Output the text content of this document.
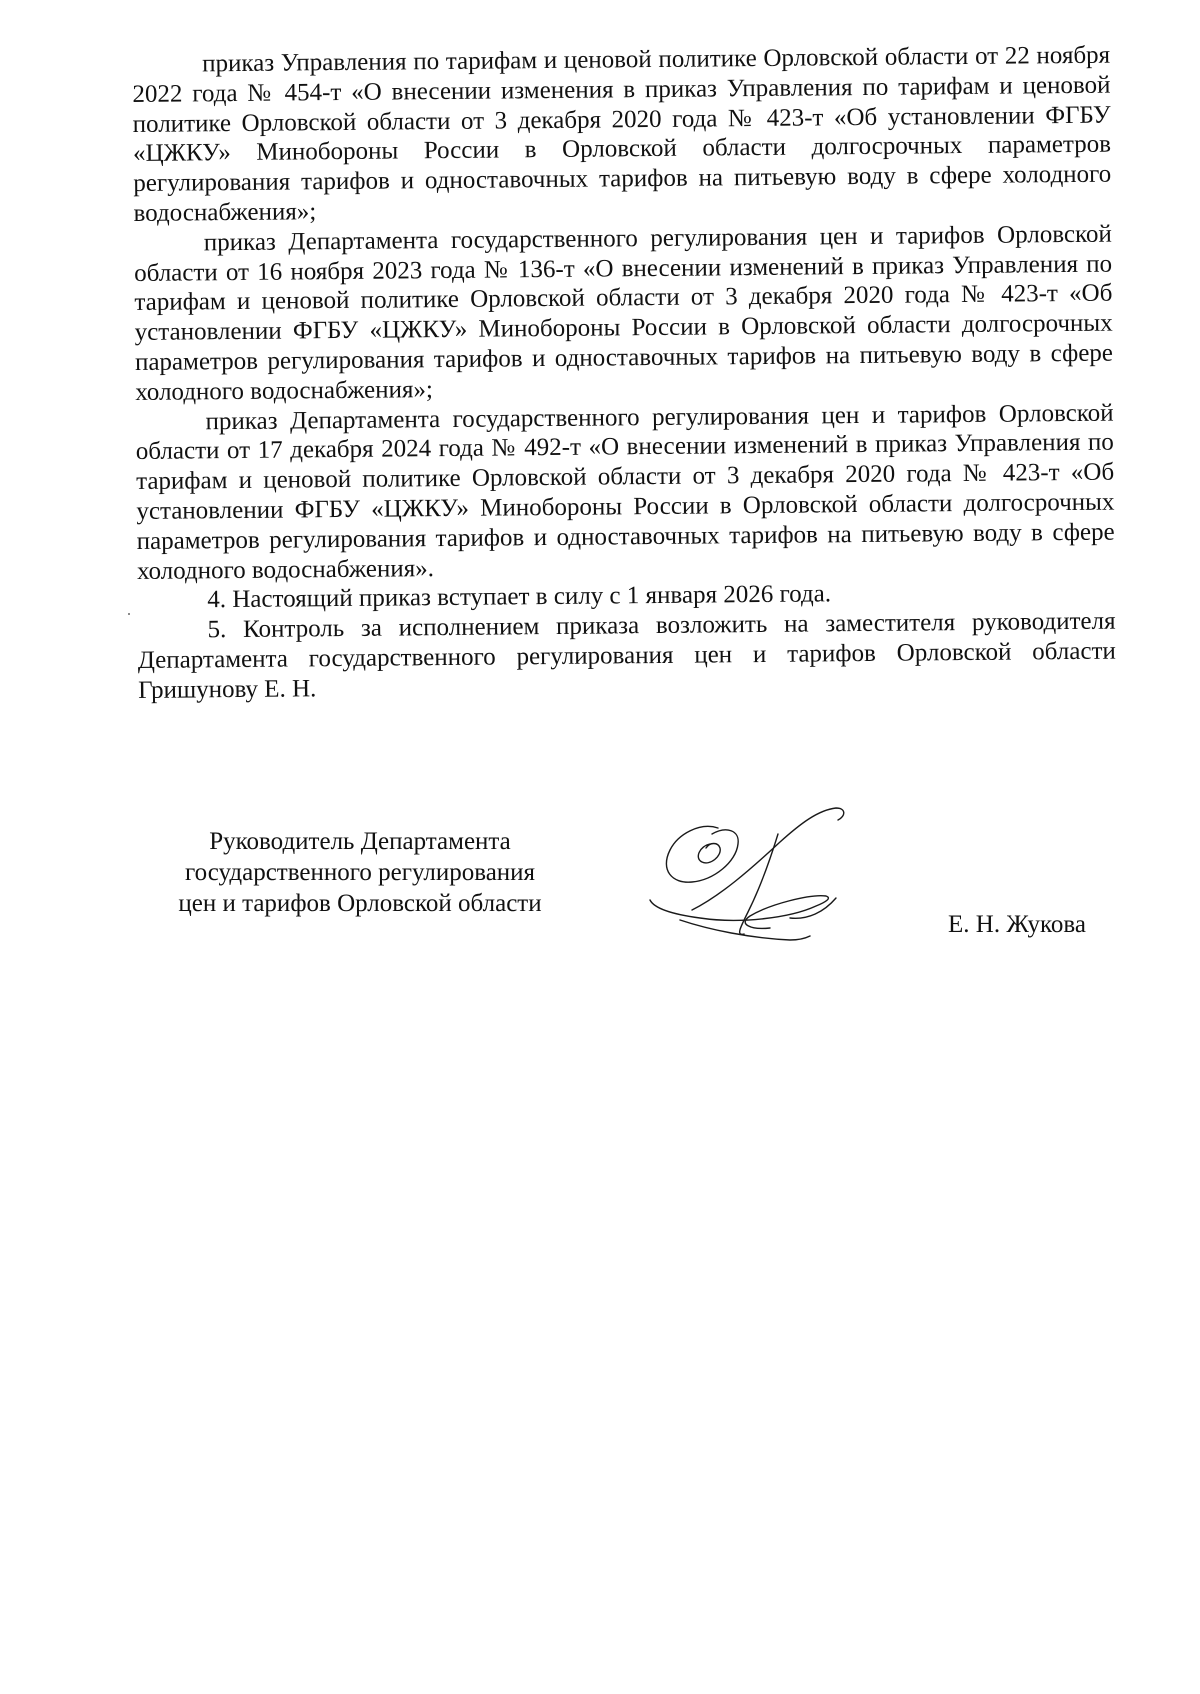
приказ Управления по тарифам и ценовой политике Орловской области от 22 ноября 2022 года № 454-т «О внесении изменения в приказ Управления по тарифам и ценовой политике Орловской области от 3 декабря 2020 года № 423-т «Об установлении ФГБУ «ЦЖКУ» Минобороны России в Орловской области долгосрочных параметров регулирования тарифов и одноставочных тарифов на питьевую воду в сфере холодного водоснабжения»;

приказ Департамента государственного регулирования цен и тарифов Орловской области от 16 ноября 2023 года № 136-т «О внесении изменений в приказ Управления по тарифам и ценовой политике Орловской области от 3 декабря 2020 года № 423-т «Об установлении ФГБУ «ЦЖКУ» Минобороны России в Орловской области долгосрочных параметров регулирования тарифов и одноставочных тарифов на питьевую воду в сфере холодного водоснабжения»;

приказ Департамента государственного регулирования цен и тарифов Орловской области от 17 декабря 2024 года № 492-т «О внесении изменений в приказ Управления по тарифам и ценовой политике Орловской области от 3 декабря 2020 года № 423-т «Об установлении ФГБУ «ЦЖКУ» Минобороны России в Орловской области долгосрочных параметров регулирования тарифов и одноставочных тарифов на питьевую воду в сфере холодного водоснабжения».

4. Настоящий приказ вступает в силу с 1 января 2026 года.

5. Контроль за исполнением приказа возложить на заместителя руководителя Департамента государственного регулирования цен и тарифов Орловской области Гришунову Е. Н.

Руководитель Департамента
государственного регулирования
цен и тарифов Орловской области
Е. Н. Жукова
